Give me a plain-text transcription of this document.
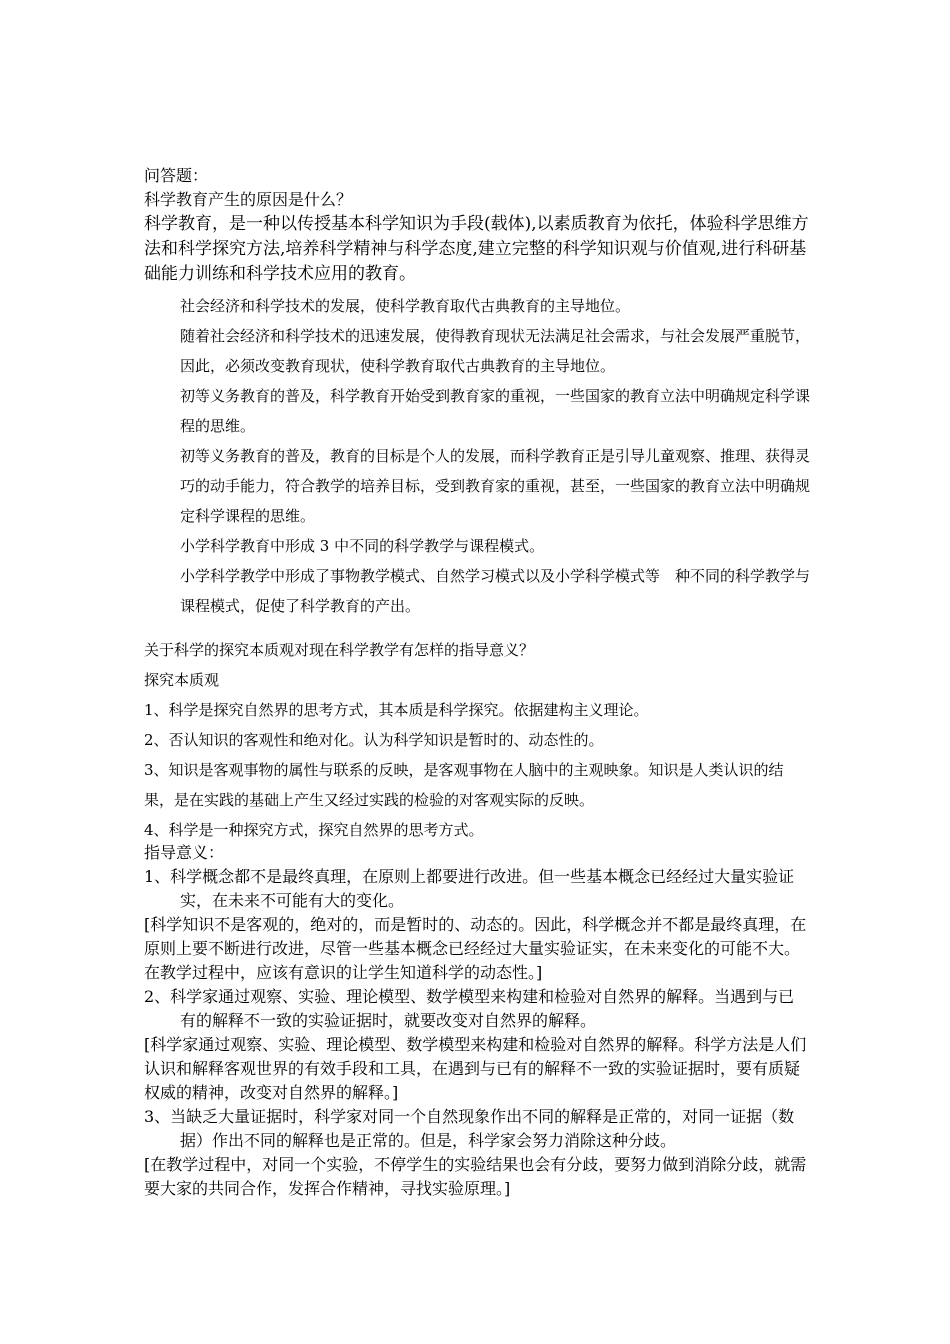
问答题：

科学教育产生的原因是什么？

科学教育，是一种以传授基本科学知识为手段(载体),以素质教育为依托，体验科学思维方法和科学探究方法,培养科学精神与科学态度,建立完整的科学知识观与价值观,进行科研基础能力训练和科学技术应用的教育。

社会经济和科学技术的发展，使科学教育取代古典教育的主导地位。

随着社会经济和科学技术的迅速发展，使得教育现状无法满足社会需求，与社会发展严重脱节，因此，必须改变教育现状，使科学教育取代古典教育的主导地位。

初等义务教育的普及，科学教育开始受到教育家的重视，一些国家的教育立法中明确规定科学课程的思维。

初等义务教育的普及，教育的目标是个人的发展，而科学教育正是引导儿童观察、推理、获得灵巧的动手能力，符合教学的培养目标，受到教育家的重视，甚至，一些国家的教育立法中明确规定科学课程的思维。

小学科学教育中形成 3 中不同的科学教学与课程模式。

小学科学教学中形成了事物教学模式、自然学习模式以及小学科学模式等　种不同的科学教学与课程模式，促使了科学教育的产出。

关于科学的探究本质观对现在科学教学有怎样的指导意义？

探究本质观

1、科学是探究自然界的思考方式，其本质是科学探究。依据建构主义理论。

2、否认知识的客观性和绝对化。认为科学知识是暂时的、动态性的。

3、知识是客观事物的属性与联系的反映，是客观事物在人脑中的主观映象。知识是人类认识的结果，是在实践的基础上产生又经过实践的检验的对客观实际的反映。

4、科学是一种探究方式，探究自然界的思考方式。

指导意义：

1、科学概念都不是最终真理，在原则上都要进行改进。但一些基本概念已经经过大量实验证实，在未来不可能有大的变化。

[科学知识不是客观的，绝对的，而是暂时的、动态的。因此，科学概念并不都是最终真理，在原则上要不断进行改进，尽管一些基本概念已经经过大量实验证实，在未来变化的可能不大。在教学过程中，应该有意识的让学生知道科学的动态性。]

2、科学家通过观察、实验、理论模型、数学模型来构建和检验对自然界的解释。当遇到与已有的解释不一致的实验证据时，就要改变对自然界的解释。

[科学家通过观察、实验、理论模型、数学模型来构建和检验对自然界的解释。科学方法是人们认识和解释客观世界的有效手段和工具，在遇到与已有的解释不一致的实验证据时，要有质疑权威的精神，改变对自然界的解释。]

3、当缺乏大量证据时，科学家对同一个自然现象作出不同的解释是正常的，对同一证据（数据）作出不同的解释也是正常的。但是，科学家会努力消除这种分歧。

[在教学过程中，对同一个实验，不停学生的实验结果也会有分歧，要努力做到消除分歧，就需要大家的共同合作，发挥合作精神，寻找实验原理。]
